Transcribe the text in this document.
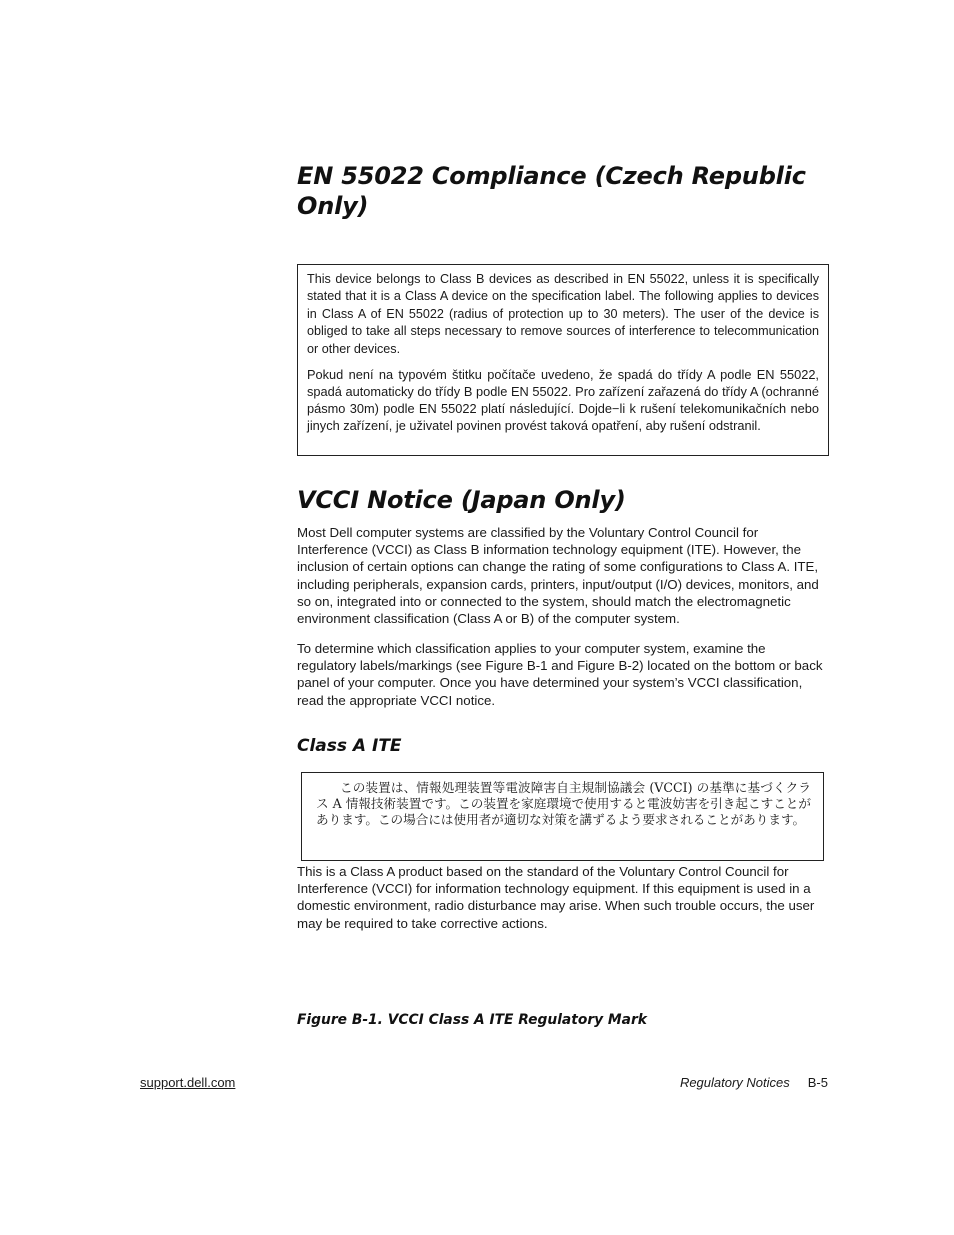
EN 55022 Compliance (Czech Republic Only)

This device belongs to Class B devices as described in EN 55022, unless it is specifically stated that it is a Class A device on the specification label. The following applies to devices in Class A of EN 55022 (radius of protection up to 30 meters). The user of the device is obliged to take all steps necessary to remove sources of interference to telecommunication or other devices.

Pokud není na typovém štitku počítače uvedeno, že spadá do třídy A podle EN 55022, spadá automaticky do třídy B podle EN 55022. Pro zařízení zařazená do třídy A (ochranné pásmo 30m) podle EN 55022 platí následující. Dojde−li k rušení telekomunikačních nebo jinych zařízení, je uživatel povinen provést taková opatření, aby rušení odstranil.

VCCI Notice (Japan Only)

Most Dell computer systems are classified by the Voluntary Control Council for Interference (VCCI) as Class B information technology equipment (ITE). However, the inclusion of certain options can change the rating of some configurations to Class A. ITE, including peripherals, expansion cards, printers, input/output (I/O) devices, monitors, and so on, integrated into or connected to the system, should match the electromagnetic environment classification (Class A or B) of the computer system.

To determine which classification applies to your computer system, examine the regulatory labels/markings (see Figure B-1 and Figure B-2) located on the bottom or back panel of your computer. Once you have determined your system’s VCCI classification, read the appropriate VCCI notice.

Class A ITE

この装置は、情報処理装置等電波障害自主規制協議会 (VCCI) の基準に基づくクラス A 情報技術装置です。この装置を家庭環境で使用すると電波妨害を引き起こすことがあります。この場合には使用者が適切な対策を講ずるよう要求されることがあります。

This is a Class A product based on the standard of the Voluntary Control Council for Interference (VCCI) for information technology equipment. If this equipment is used in a domestic environment, radio disturbance may arise. When such trouble occurs, the user may be required to take corrective actions.

Figure B-1. VCCI Class A ITE Regulatory Mark

support.dell.com	Regulatory Notices B-5
